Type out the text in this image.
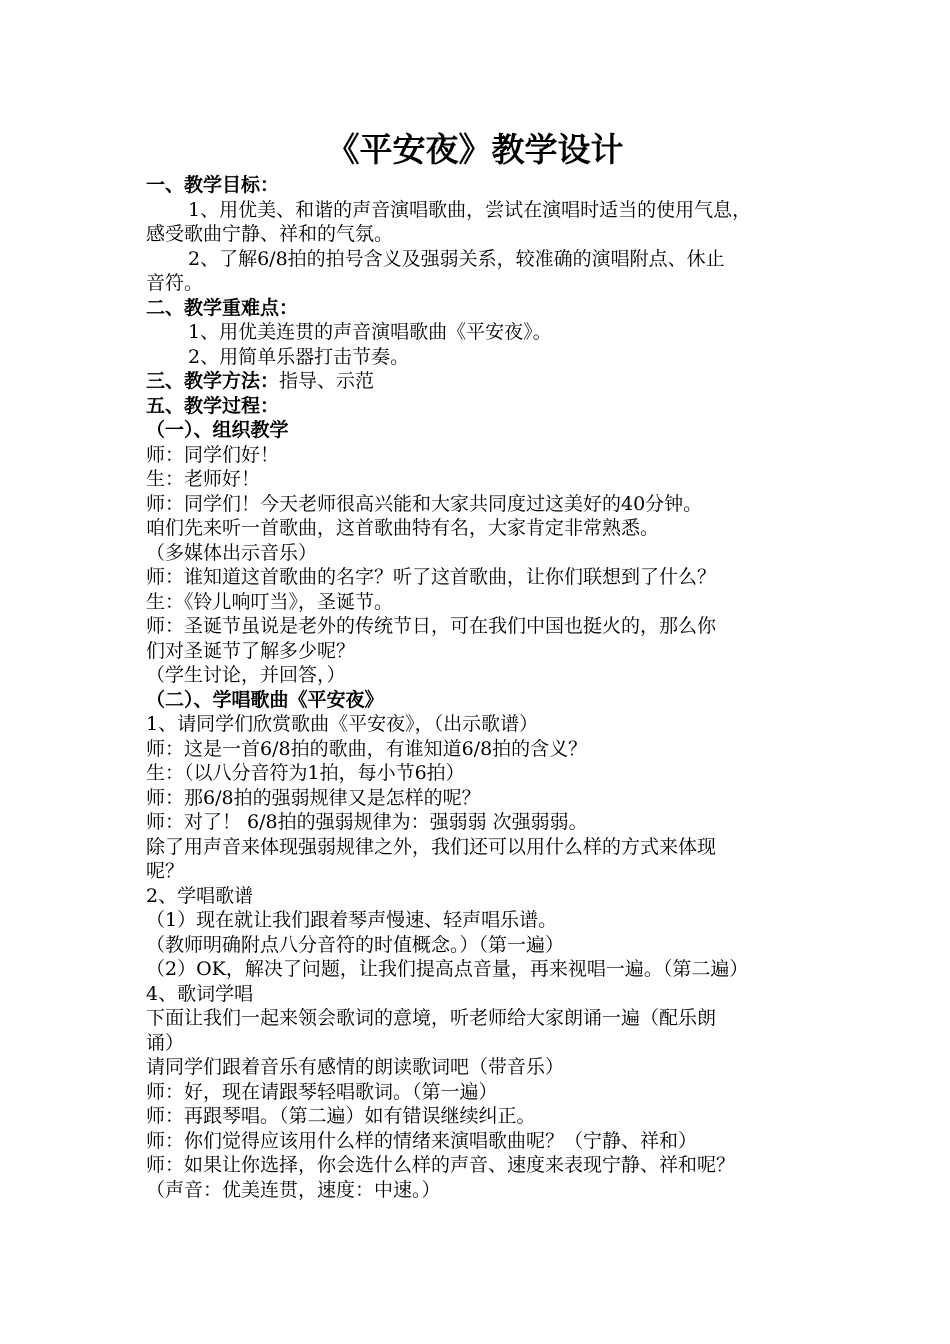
《平安夜》教学设计
一、教学目标：
1、用优美、和谐的声音演唱歌曲，尝试在演唱时适当的使用气息，
感受歌曲宁静、祥和的气氛。
2、了解6/8拍的拍号含义及强弱关系，较准确的演唱附点、休止
音符。
二、教学重难点：
1、用优美连贯的声音演唱歌曲《平安夜》。
2、用简单乐器打击节奏。
三、教学方法：指导、示范
五、教学过程：
（一）、组织教学
师：同学们好！
生：老师好！
师：同学们！今天老师很高兴能和大家共同度过这美好的40分钟。
咱们先来听一首歌曲，这首歌曲特有名，大家肯定非常熟悉。
（多媒体出示音乐）
师：谁知道这首歌曲的名字？听了这首歌曲，让你们联想到了什么？
生：《铃儿响叮当》，圣诞节。
师：圣诞节虽说是老外的传统节日，可在我们中国也挺火的，那么你
们对圣诞节了解多少呢？
（学生讨论，并回答，）
（二）、学唱歌曲《平安夜》
1、请同学们欣赏歌曲《平安夜》，（出示歌谱）
师：这是一首6/8拍的歌曲，有谁知道6/8拍的含义？
生：（以八分音符为1拍，每小节6拍）
师：那6/8拍的强弱规律又是怎样的呢？
师：对了！ 6/8拍的强弱规律为：强弱弱 次强弱弱。
除了用声音来体现强弱规律之外，我们还可以用什么样的方式来体现
呢？
2、学唱歌谱
（1）现在就让我们跟着琴声慢速、轻声唱乐谱。
（教师明确附点八分音符的时值概念。）（第一遍）
（2）OK，解决了问题，让我们提高点音量，再来视唱一遍。（第二遍）
4、歌词学唱
下面让我们一起来领会歌词的意境，听老师给大家朗诵一遍（配乐朗
诵）
请同学们跟着音乐有感情的朗读歌词吧（带音乐）
师：好，现在请跟琴轻唱歌词。（第一遍）
师：再跟琴唱。（第二遍）如有错误继续纠正。
师：你们觉得应该用什么样的情绪来演唱歌曲呢？（宁静、祥和）
师：如果让你选择，你会选什么样的声音、速度来表现宁静、祥和呢？
（声音：优美连贯，速度：中速。）
